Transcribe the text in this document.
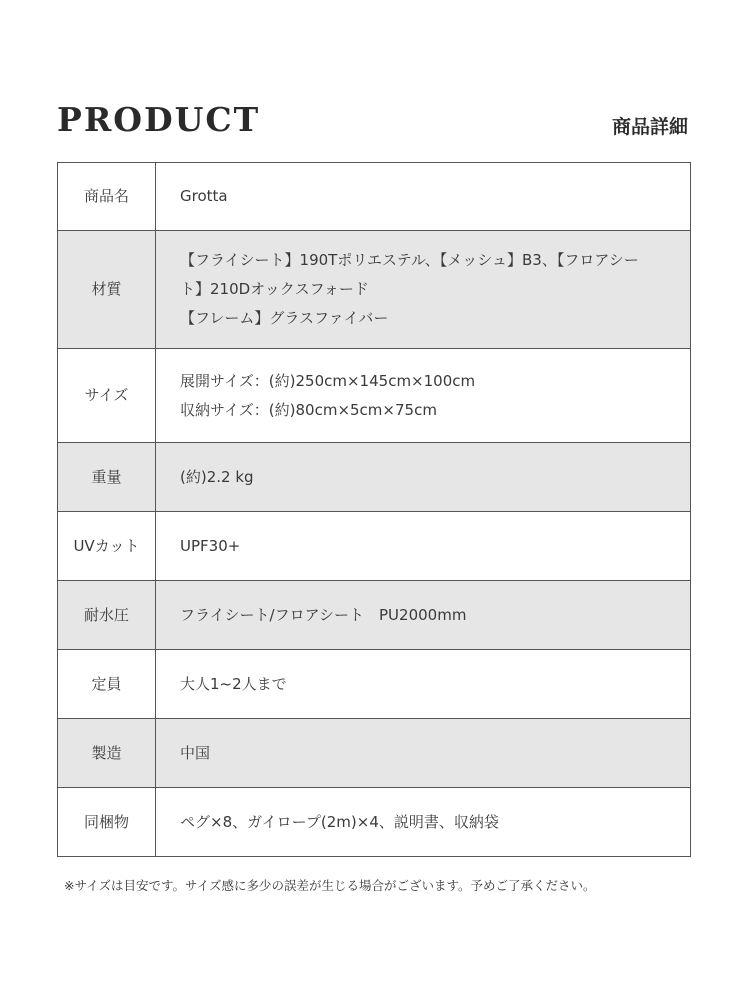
PRODUCT	商品詳細
商品名	Grotta

材質	【フライシート】190Tポリエステル、【メッシュ】B3、【フロアシー
ト】210Dオックスフォード
【フレーム】グラスファイバー

サイズ	展開サイズ：(約)250cm×145cm×100cm
収納サイズ：(約)80cm×5cm×75cm

重量	(約)2.2 kg

UVカット	UPF30+

耐水圧	フライシート/フロアシート　PU2000mm

定員	大人1~2人まで

製造	中国

同梱物	ペグ×8、ガイロープ(2m)×4、説明書、収納袋
※サイズは目安です。サイズ感に多少の誤差が生じる場合がございます。予めご了承ください。
